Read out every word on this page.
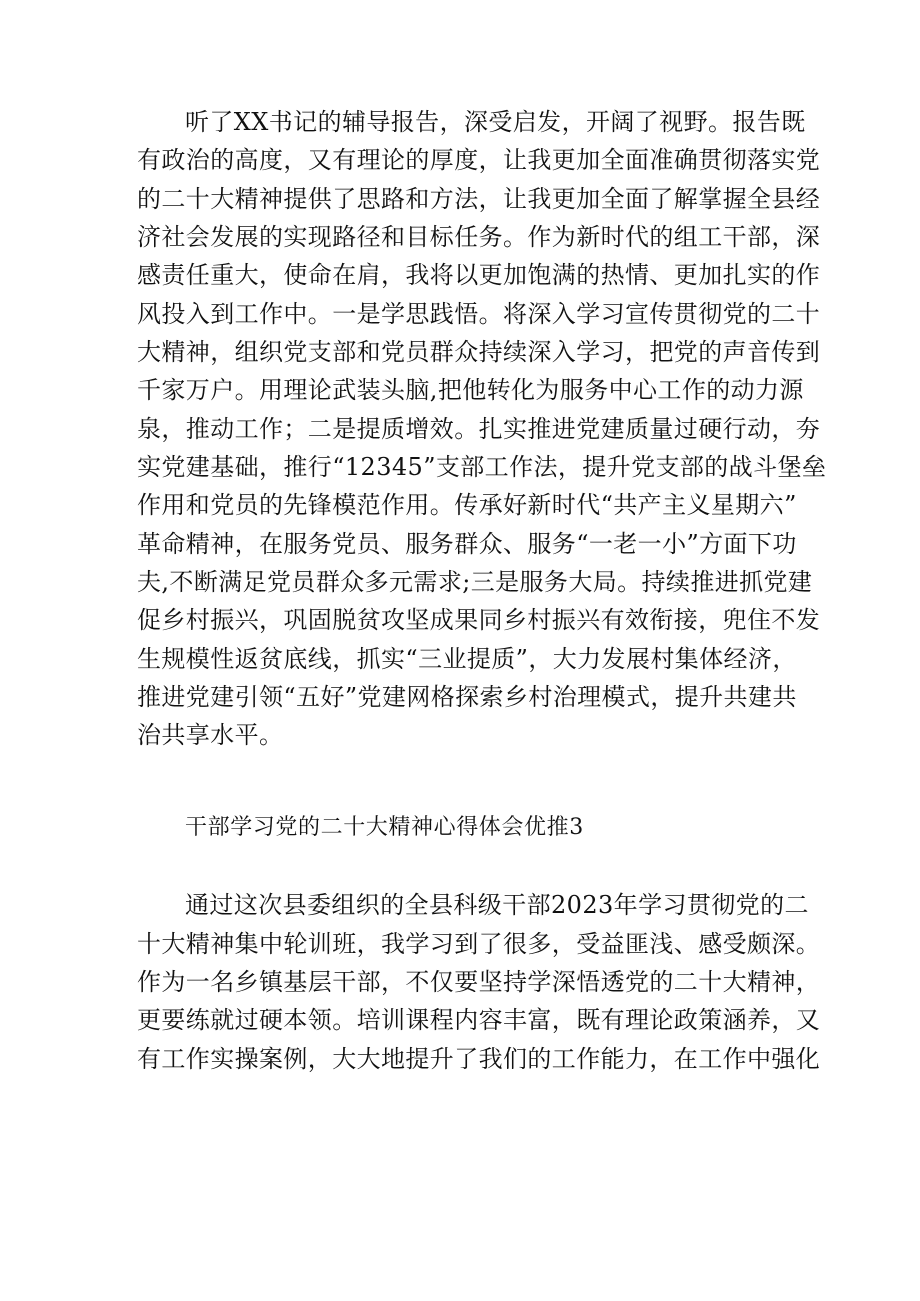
听了XX书记的辅导报告，深受启发，开阔了视野。报告既
有政治的高度，又有理论的厚度，让我更加全面准确贯彻落实党
的二十大精神提供了思路和方法，让我更加全面了解掌握全县经
济社会发展的实现路径和目标任务。作为新时代的组工干部，深
感责任重大，使命在肩，我将以更加饱满的热情、更加扎实的作
风投入到工作中。一是学思践悟。将深入学习宣传贯彻党的二十
大精神，组织党支部和党员群众持续深入学习，把党的声音传到
千家万户。用理论武装头脑,把他转化为服务中心工作的动力源
泉，推动工作；二是提质增效。扎实推进党建质量过硬行动，夯
实党建基础，推行“12345”支部工作法，提升党支部的战斗堡垒
作用和党员的先锋模范作用。传承好新时代“共产主义星期六”
革命精神，在服务党员、服务群众、服务“一老一小”方面下功
夫,不断满足党员群众多元需求;三是服务大局。持续推进抓党建
促乡村振兴，巩固脱贫攻坚成果同乡村振兴有效衔接，兜住不发
生规模性返贫底线，抓实“三业提质”，大力发展村集体经济，
推进党建引领“五好”党建网格探索乡村治理模式，提升共建共
治共享水平。
干部学习党的二十大精神心得体会优推3
通过这次县委组织的全县科级干部2023年学习贯彻党的二
十大精神集中轮训班，我学习到了很多，受益匪浅、感受颇深。
作为一名乡镇基层干部，不仅要坚持学深悟透党的二十大精神，
更要练就过硬本领。培训课程内容丰富，既有理论政策涵养，又
有工作实操案例，大大地提升了我们的工作能力，在工作中强化
